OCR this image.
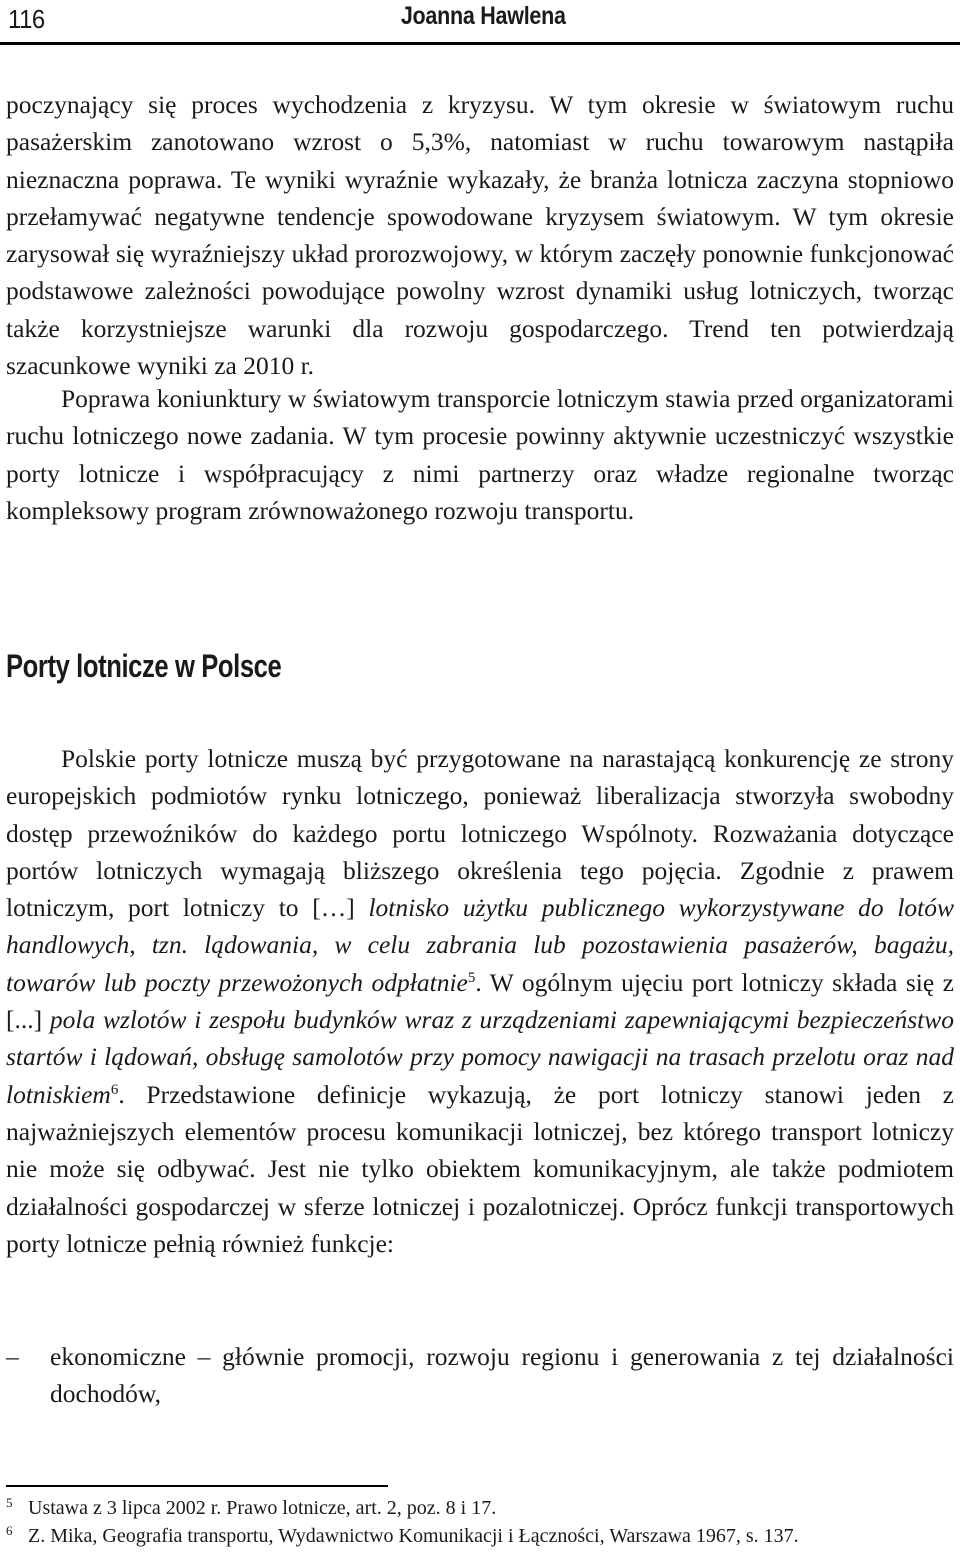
116	Joanna Hawlena

poczynający się proces wychodzenia z kryzysu. W tym okresie w światowym ruchu pasażerskim zanotowano wzrost o 5,3%, natomiast w ruchu towarowym nastąpiła nieznaczna poprawa. Te wyniki wyraźnie wykazały, że branża lotnicza zaczyna stopniowo przełamywać negatywne tendencje spowodowane kryzysem światowym. W tym okresie zarysował się wyraźniejszy układ prorozwojowy, w którym zaczęły ponownie funkcjonować podstawowe zależności powodujące powolny wzrost dynamiki usług lotniczych, tworząc także korzystniejsze warunki dla rozwoju gospodarczego. Trend ten potwierdzają szacunkowe wyniki za 2010 r.

Poprawa koniunktury w światowym transporcie lotniczym stawia przed organizatorami ruchu lotniczego nowe zadania. W tym procesie powinny aktywnie uczestniczyć wszystkie porty lotnicze i współpracujący z nimi partnerzy oraz władze regionalne tworząc kompleksowy program zrównoważonego rozwoju transportu.

Porty lotnicze w Polsce

Polskie porty lotnicze muszą być przygotowane na narastającą konkurencję ze strony europejskich podmiotów rynku lotniczego, ponieważ liberalizacja stworzyła swobodny dostęp przewoźników do każdego portu lotniczego Wspólnoty. Rozważania dotyczące portów lotniczych wymagają bliższego określenia tego pojęcia. Zgodnie z prawem lotniczym, port lotniczy to […] lotnisko użytku publicznego wykorzystywane do lotów handlowych, tzn. lądowania, w celu zabrania lub pozostawienia pasażerów, bagażu, towarów lub poczty przewożonych odpłatnie$^5$. W ogólnym ujęciu port lotniczy składa się z [...] pola wzlotów i zespołu budynków wraz z urządzeniami zapewniającymi bezpieczeństwo startów i lądowań, obsługę samolotów przy pomocy nawigacji na trasach przelotu oraz nad lotniskiem$^6$. Przedstawione definicje wykazują, że port lotniczy stanowi jeden z najważniejszych elementów procesu komunikacji lotniczej, bez którego transport lotniczy nie może się odbywać. Jest nie tylko obiektem komunikacyjnym, ale także podmiotem działalności gospodarczej w sferze lotniczej i pozalotniczej. Oprócz funkcji transportowych porty lotnicze pełnią również funkcje:

–	ekonomiczne – głównie promocji, rozwoju regionu i generowania z tej działalności dochodów,
5 Ustawa z 3 lipca 2002 r. Prawo lotnicze, art. 2, poz. 8 i 17.
6 Z. Mika, Geografia transportu, Wydawnictwo Komunikacji i Łączności, Warszawa 1967, s. 137.
